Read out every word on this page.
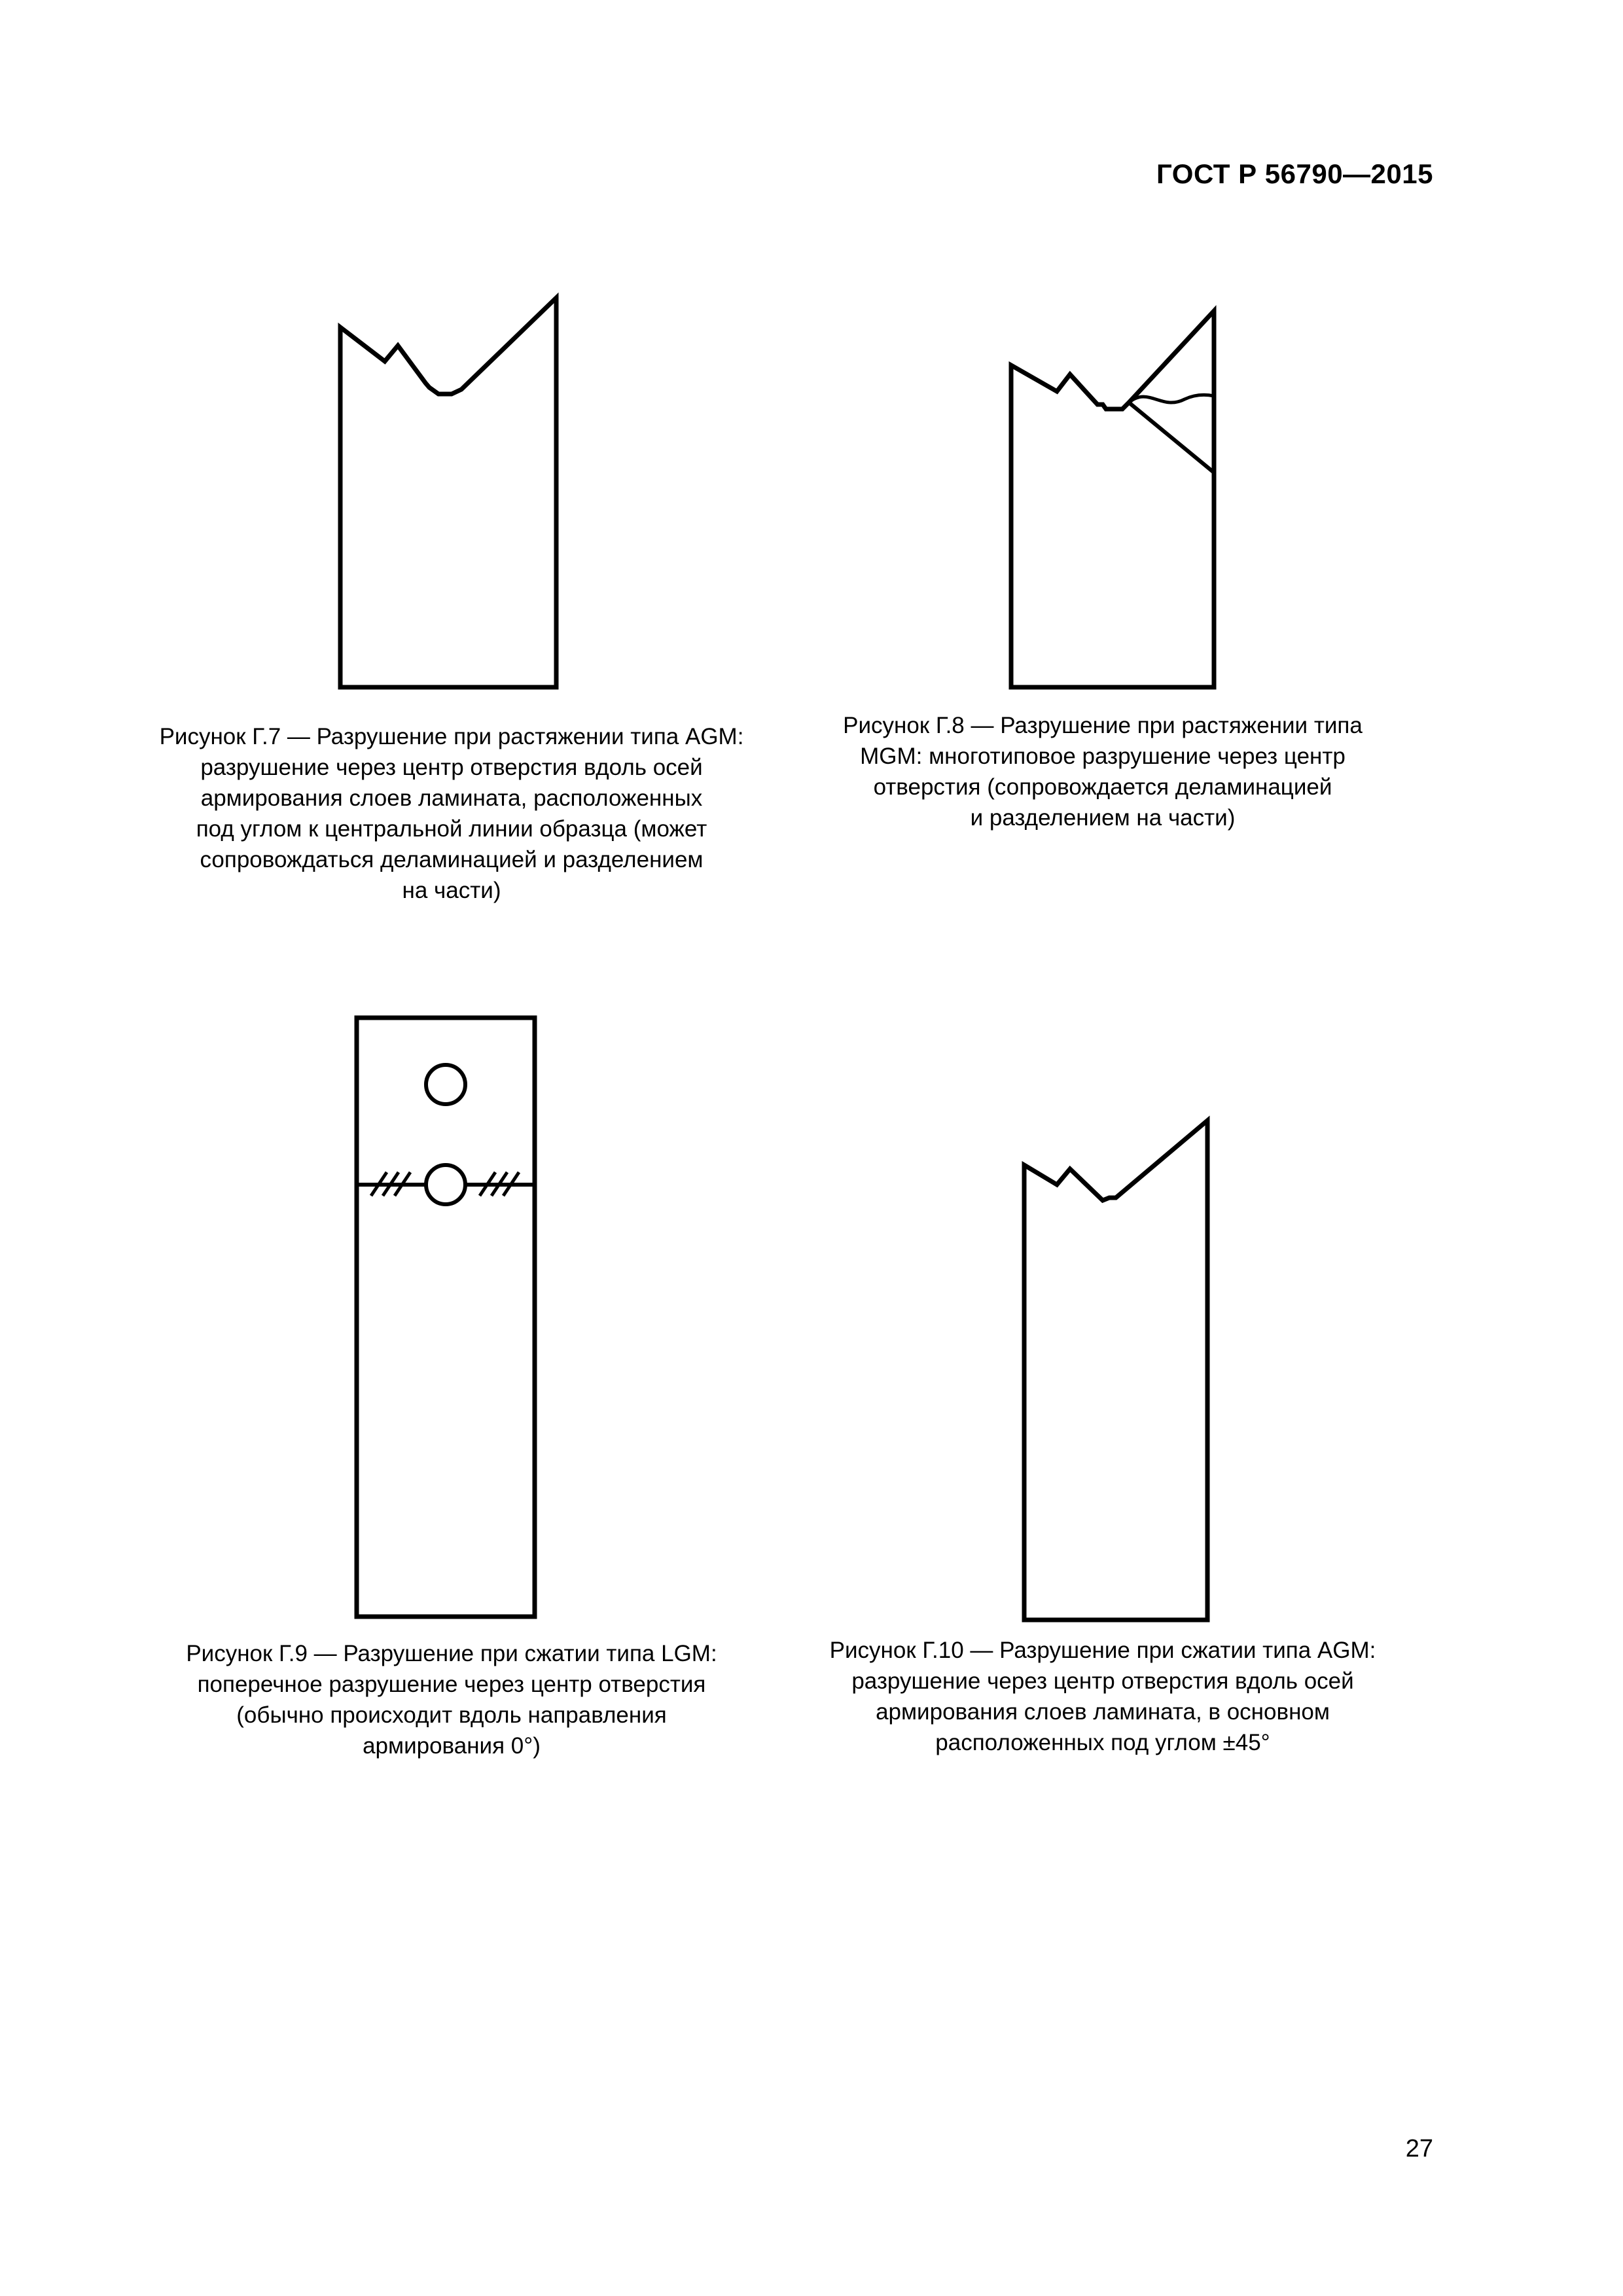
ГОСТ Р 56790—2015
Рисунок Г.7 — Разрушение при растяжении типа AGM:
разрушение через центр отверстия вдоль осей
армирования слоев ламината, расположенных
под углом к центральной линии образца (может
сопровождаться деламинацией и разделением
на части)
Рисунок Г.8 — Разрушение при растяжении типа
MGM: многотиповое разрушение через центр
отверстия (сопровождается деламинацией
и разделением на части)
Рисунок Г.9 — Разрушение при сжатии типа LGM:
поперечное разрушение через центр отверстия
(обычно происходит вдоль направления
армирования 0°)
Рисунок Г.10 — Разрушение при сжатии типа AGM:
разрушение через центр отверстия вдоль осей
армирования слоев ламината, в основном
расположенных под углом ±45°
27
